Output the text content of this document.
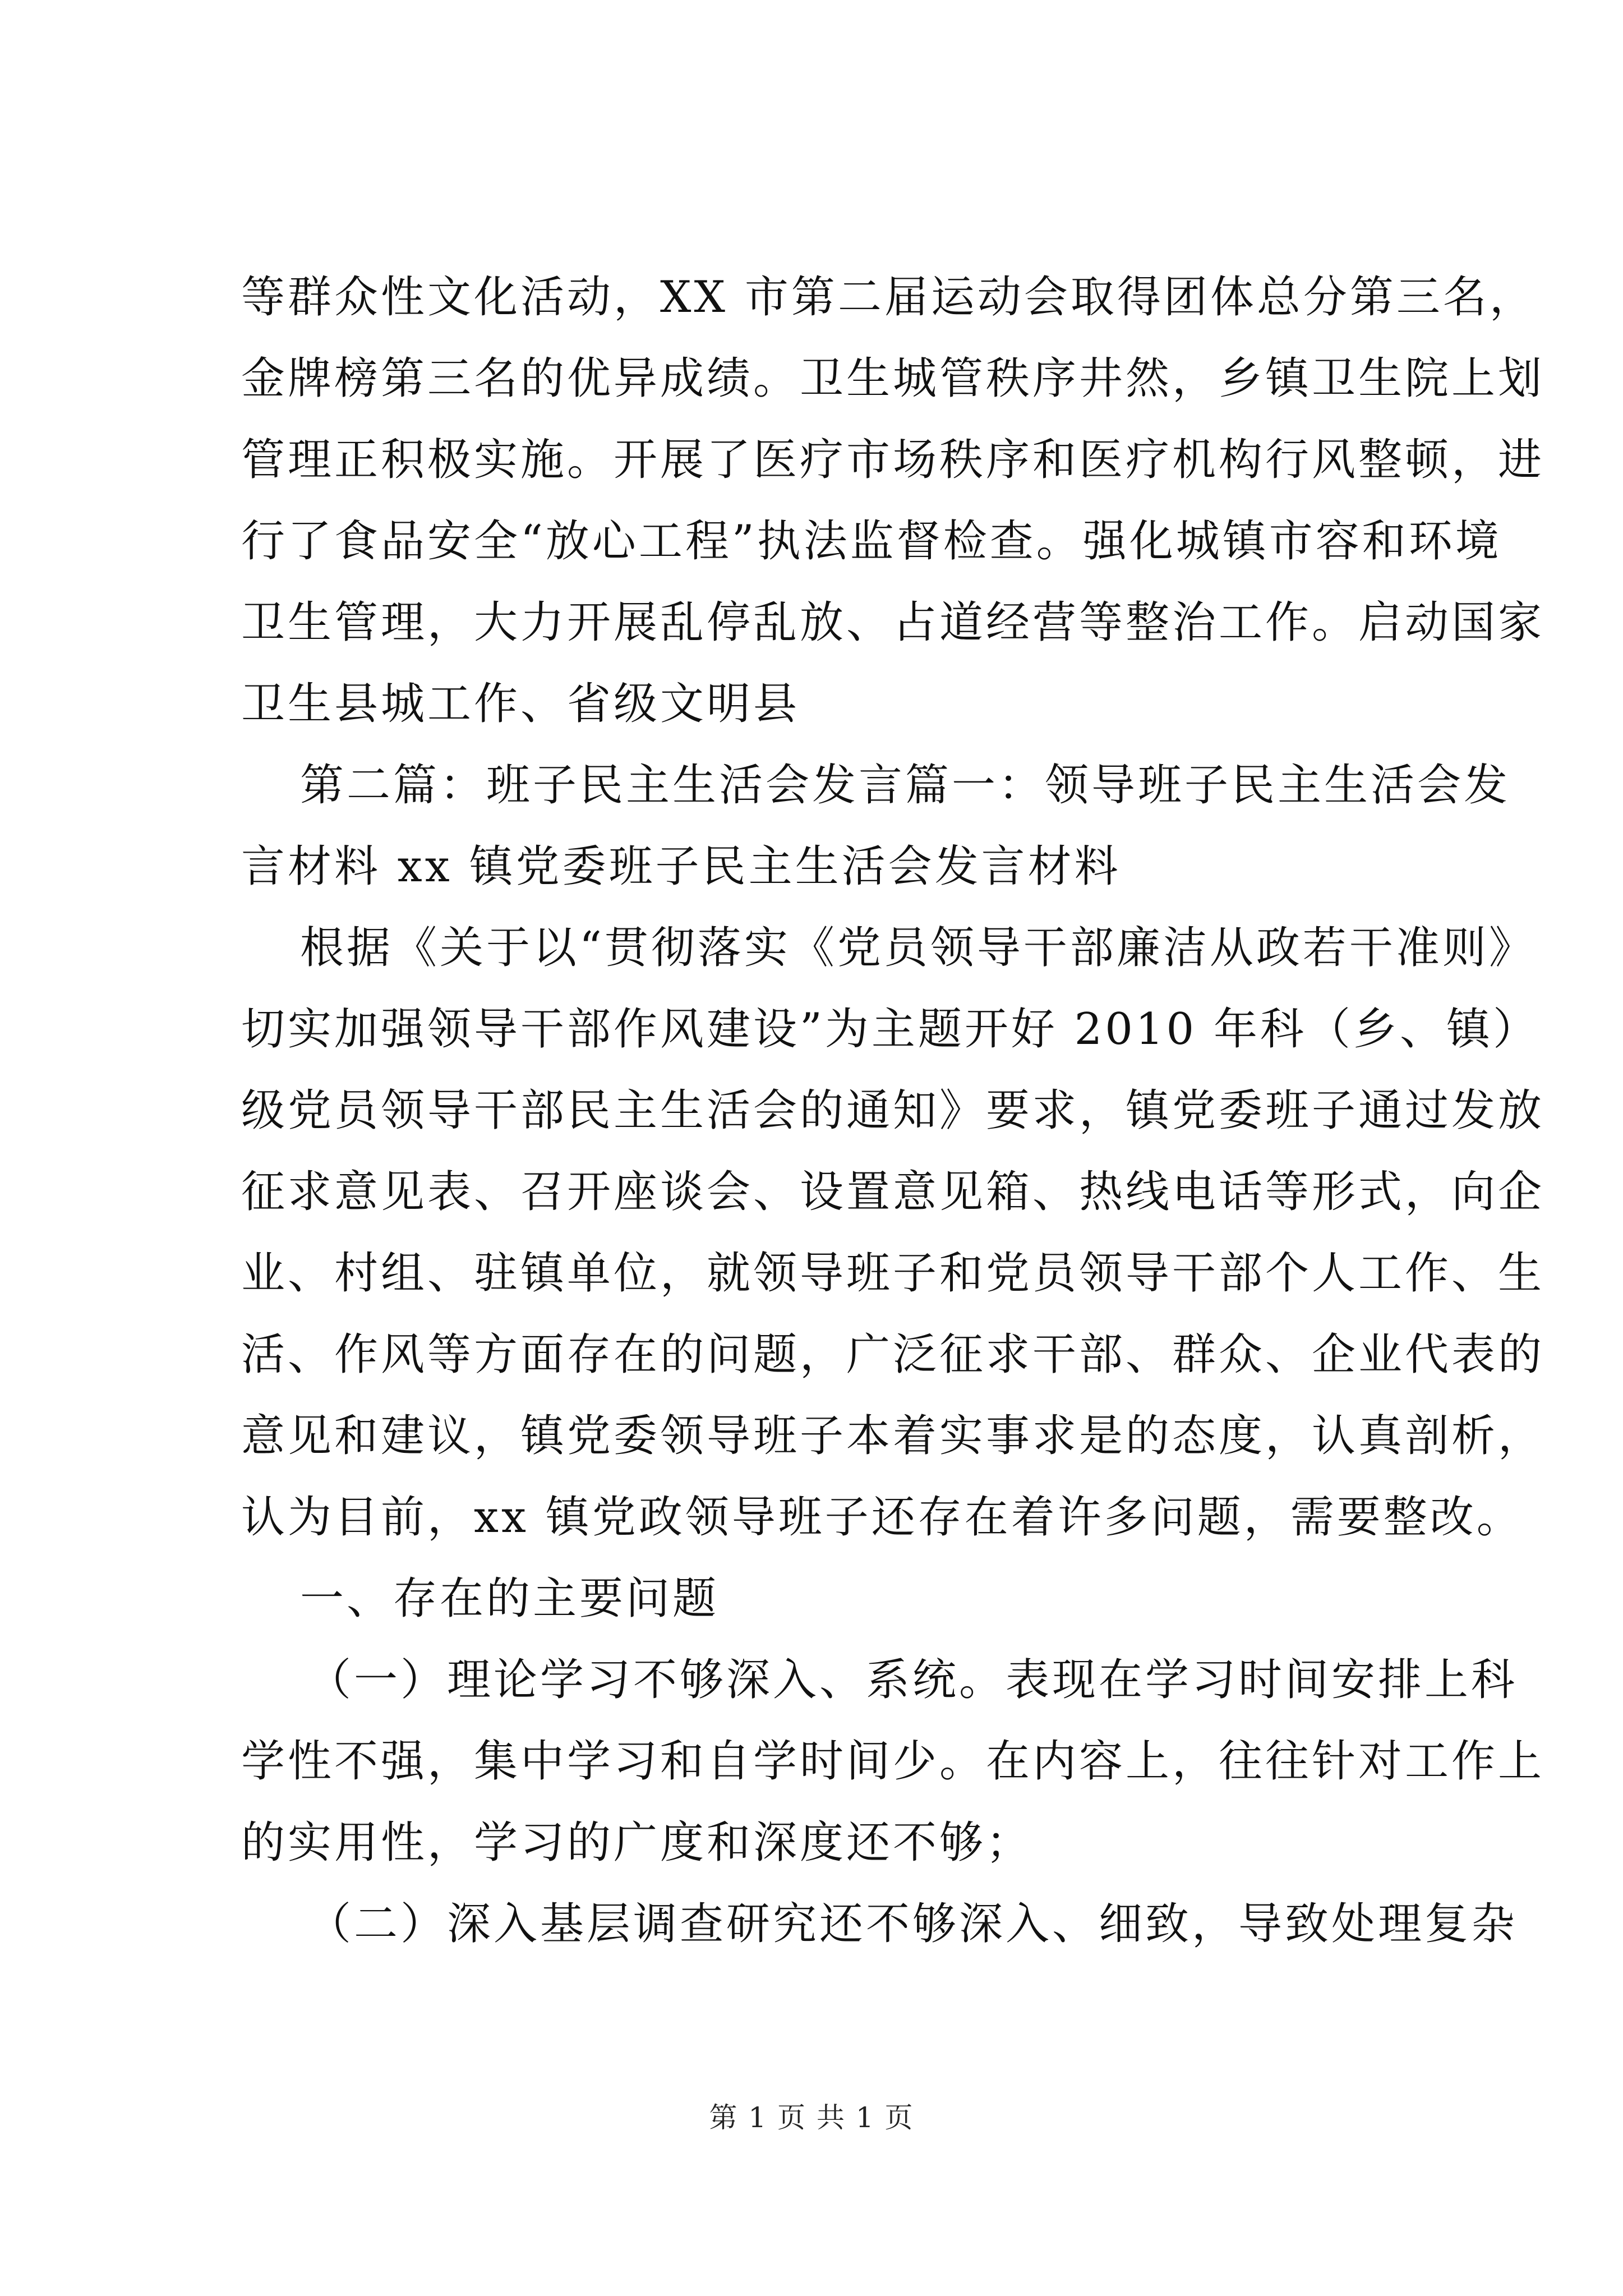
等群众性文化活动，XX 市第二届运动会取得团体总分第三名，
金牌榜第三名的优异成绩。卫生城管秩序井然，乡镇卫生院上划
管理正积极实施。开展了医疗市场秩序和医疗机构行风整顿，进
行了食品安全“放心工程”执法监督检查。强化城镇市容和环境
卫生管理，大力开展乱停乱放、占道经营等整治工作。启动国家
卫生县城工作、省级文明县
第二篇：班子民主生活会发言篇一：领导班子民主生活会发
言材料 xx 镇党委班子民主生活会发言材料
根据《关于以“贯彻落实《党员领导干部廉洁从政若干准则》
切实加强领导干部作风建设”为主题开好 2010 年科（乡、镇）
级党员领导干部民主生活会的通知》要求，镇党委班子通过发放
征求意见表、召开座谈会、设置意见箱、热线电话等形式，向企
业、村组、驻镇单位，就领导班子和党员领导干部个人工作、生
活、作风等方面存在的问题，广泛征求干部、群众、企业代表的
意见和建议，镇党委领导班子本着实事求是的态度，认真剖析，
认为目前，xx 镇党政领导班子还存在着许多问题，需要整改。
一、存在的主要问题
（一）理论学习不够深入、系统。表现在学习时间安排上科
学性不强，集中学习和自学时间少。在内容上，往往针对工作上
的实用性，学习的广度和深度还不够；
（二）深入基层调查研究还不够深入、细致，导致处理复杂
第 1 页 共 1 页
